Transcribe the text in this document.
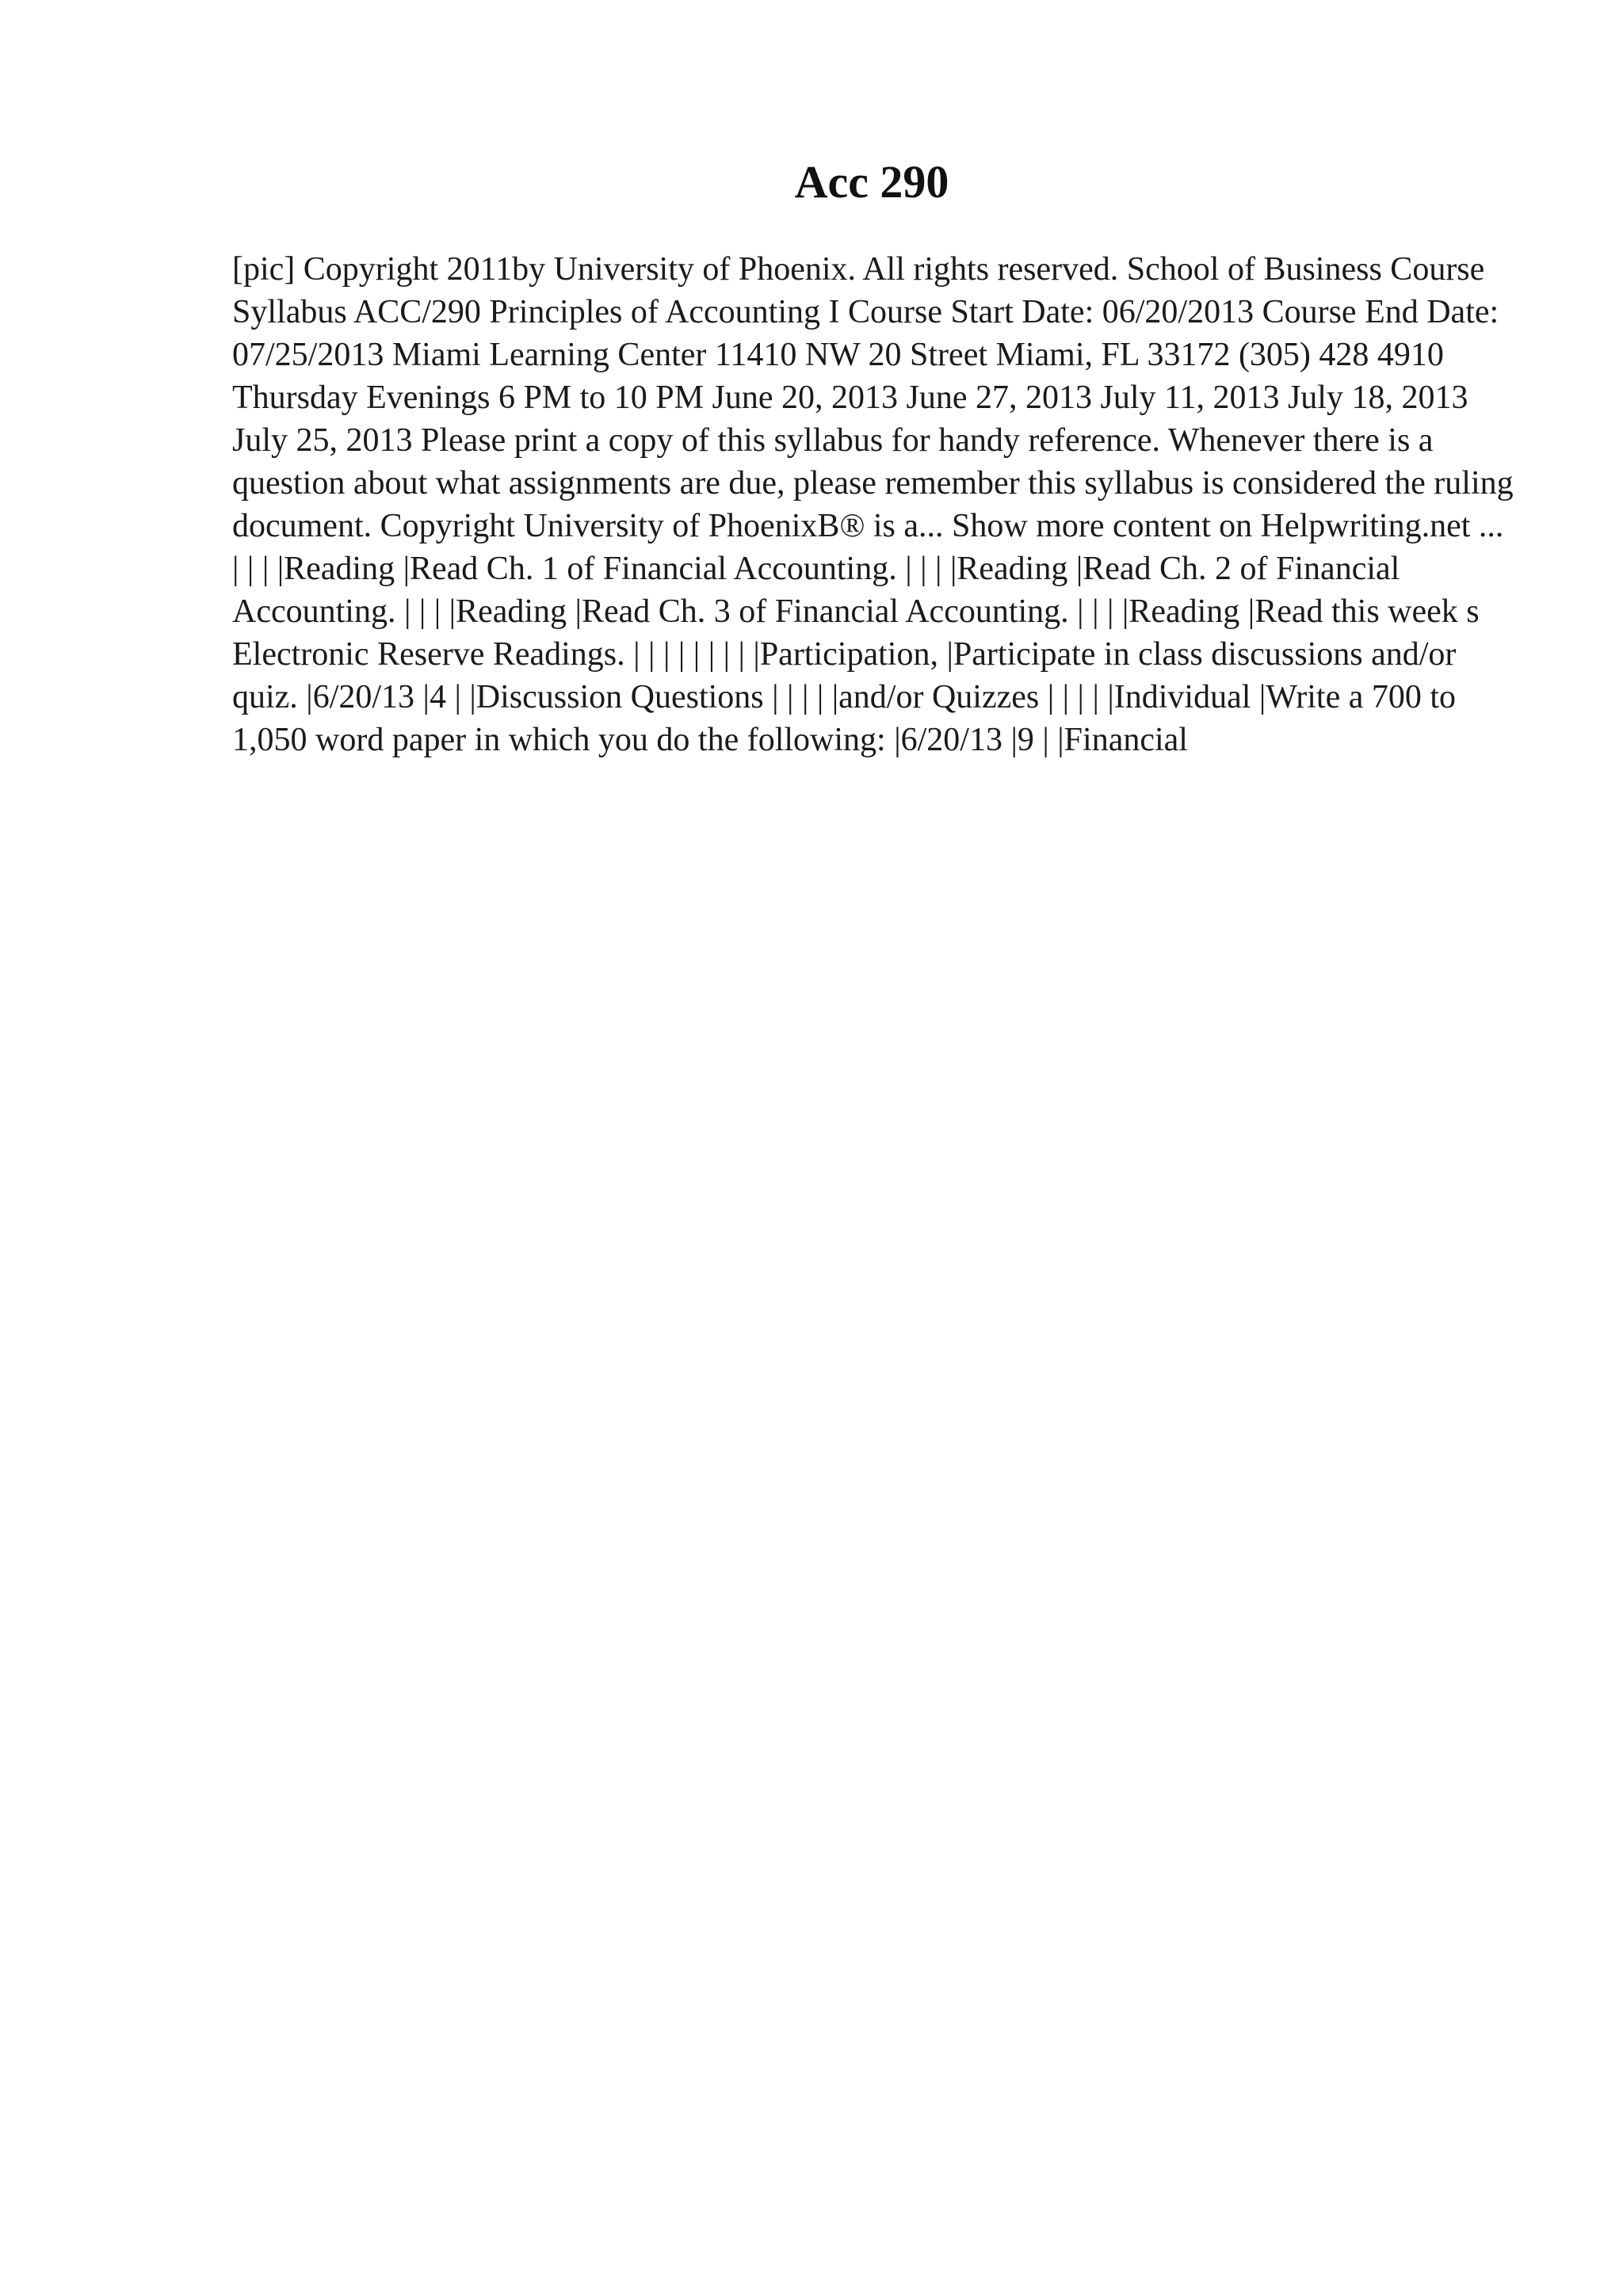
Acc 290

[pic] Copyright 2011by University of Phoenix. All rights reserved. School of Business Course Syllabus ACC/290 Principles of Accounting I Course Start Date: 06/20/2013 Course End Date: 07/25/2013 Miami Learning Center 11410 NW 20 Street Miami, FL 33172 (305) 428 4910 Thursday Evenings 6 PM to 10 PM June 20, 2013 June 27, 2013 July 11, 2013 July 18, 2013 July 25, 2013 Please print a copy of this syllabus for handy reference. Whenever there is a question about what assignments are due, please remember this syllabus is considered the ruling document. Copyright University of PhoenixB® is a... Show more content on Helpwriting.net ...

| | | |Reading |Read Ch. 1 of Financial Accounting. | | | |Reading |Read Ch. 2 of Financial Accounting. | | | |Reading |Read Ch. 3 of Financial Accounting. | | | |Reading |Read this week s Electronic Reserve Readings. | | | | | | | | |Participation, |Participate in class discussions and/or quiz. |6/20/13 |4 | |Discussion Questions | | | | |and/or Quizzes | | | | |Individual |Write a 700 to 1,050 word paper in which you do the following: |6/20/13 |9 | |Financial
